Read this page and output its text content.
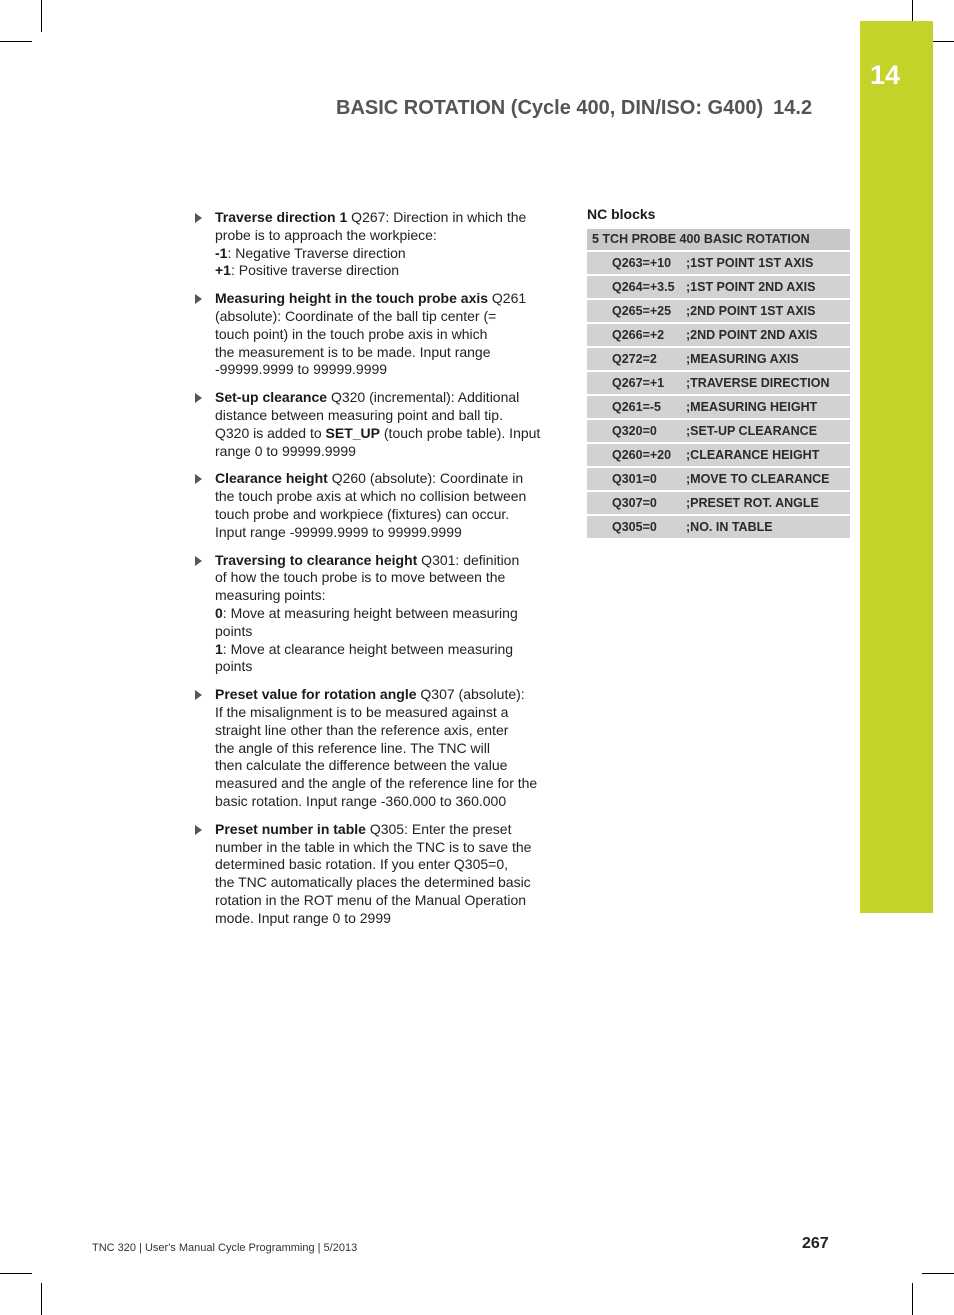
14
BASIC ROTATION (Cycle 400, DIN/ISO: G400) 14.2
Traverse direction 1 Q267: Direction in which the
probe is to approach the workpiece:
-1: Negative Traverse direction
+1: Positive traverse direction
Measuring height in the touch probe axis Q261
(absolute): Coordinate of the ball tip center (=
touch point) in the touch probe axis in which
the measurement is to be made. Input range
-99999.9999 to 99999.9999
Set-up clearance Q320 (incremental): Additional
distance between measuring point and ball tip.
Q320 is added to SET_UP (touch probe table). Input
range 0 to 99999.9999
Clearance height Q260 (absolute): Coordinate in
the touch probe axis at which no collision between
touch probe and workpiece (fixtures) can occur.
Input range -99999.9999 to 99999.9999
Traversing to clearance height Q301: definition
of how the touch probe is to move between the
measuring points:
0: Move at measuring height between measuring
points
1: Move at clearance height between measuring
points
Preset value for rotation angle Q307 (absolute):
If the misalignment is to be measured against a
straight line other than the reference axis, enter
the angle of this reference line. The TNC will
then calculate the difference between the value
measured and the angle of the reference line for the
basic rotation. Input range -360.000 to 360.000
Preset number in table Q305: Enter the preset
number in the table in which the TNC is to save the
determined basic rotation. If you enter Q305=0,
the TNC automatically places the determined basic
rotation in the ROT menu of the Manual Operation
mode. Input range 0 to 2999
NC blocks
5 TCH PROBE 400 BASIC ROTATION
Q263=+10 ;1ST POINT 1ST AXIS
Q264=+3.5 ;1ST POINT 2ND AXIS
Q265=+25 ;2ND POINT 1ST AXIS
Q266=+2 ;2ND POINT 2ND AXIS
Q272=2 ;MEASURING AXIS
Q267=+1 ;TRAVERSE DIRECTION
Q261=-5 ;MEASURING HEIGHT
Q320=0 ;SET-UP CLEARANCE
Q260=+20 ;CLEARANCE HEIGHT
Q301=0 ;MOVE TO CLEARANCE
Q307=0 ;PRESET ROT. ANGLE
Q305=0 ;NO. IN TABLE
TNC 320 | User's Manual Cycle Programming | 5/2013	267
